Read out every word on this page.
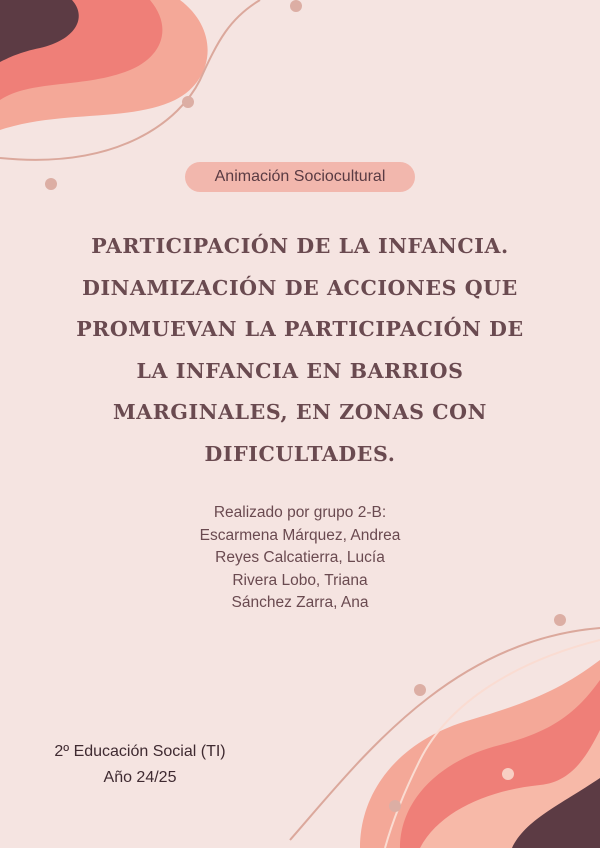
Animación Sociocultural
PARTICIPACIÓN DE LA INFANCIA.
DINAMIZACIÓN DE ACCIONES QUE
PROMUEVAN LA PARTICIPACIÓN DE
LA INFANCIA EN BARRIOS
MARGINALES, EN ZONAS CON
DIFICULTADES.
Realizado por grupo 2-B:
Escarmena Márquez, Andrea
Reyes Calcatierra, Lucía
Rivera Lobo, Triana
Sánchez Zarra, Ana
2º Educación Social (TI)
Año 24/25
